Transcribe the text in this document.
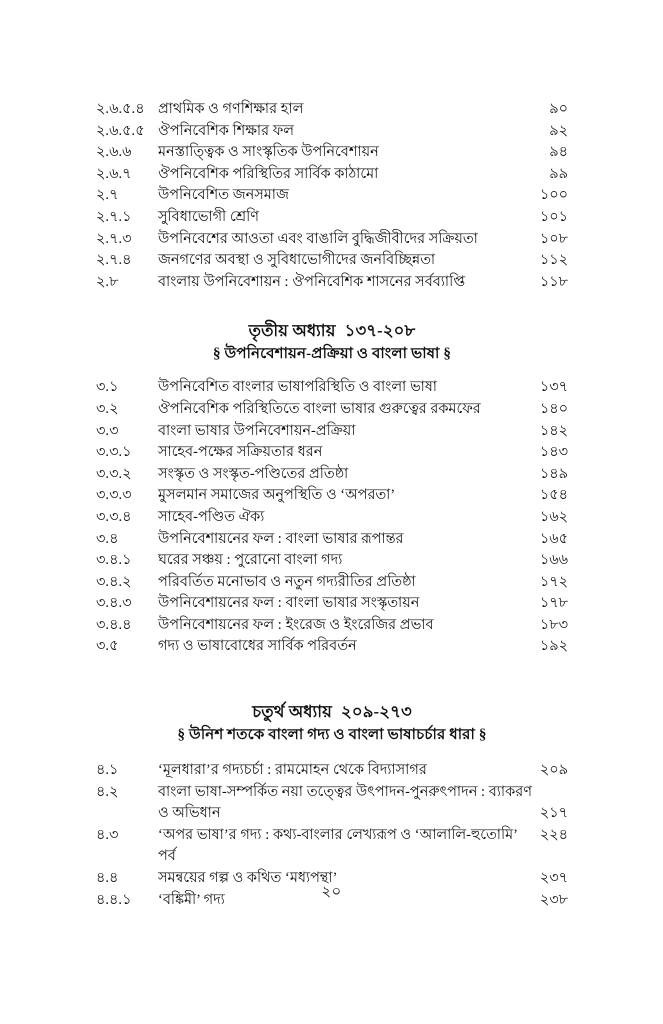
২.৬.৫.৪ প্রাথমিক ও গণশিক্ষার হাল	৯০
২.৬.৫.৫ ঔপনিবেশিক শিক্ষার ফল	৯২
২.৬.৬	মনস্তাত্ত্বিক ও সাংস্কৃতিক উপনিবেশায়ন	৯৪
২.৬.৭	ঔপনিবেশিক পরিস্থিতির সার্বিক কাঠামো	৯৯
২.৭	উপনিবেশিত জনসমাজ	১০০
২.৭.১	সুবিধাভোগী শ্রেণি	১০১
২.৭.৩	উপনিবেশের আওতা এবং বাঙালি বুদ্ধিজীবীদের সক্রিয়তা	১০৮
২.৭.৪	জনগণের অবস্থা ও সুবিধাভোগীদের জনবিচ্ছিন্নতা	১১২
২.৮	বাংলায় উপনিবেশায়ন : ঔপনিবেশিক শাসনের সর্বব্যাপ্তি	১১৮
তৃতীয় অধ্যায় ১৩৭-২০৮
§ উপনিবেশায়ন-প্রক্রিয়া ও বাংলা ভাষা §
৩.১	উপনিবেশিত বাংলার ভাষাপরিস্থিতি ও বাংলা ভাষা	১৩৭
৩.২	ঔপনিবেশিক পরিস্থিতিতে বাংলা ভাষার গুরুত্বের রকমফের	১৪০
৩.৩	বাংলা ভাষার উপনিবেশায়ন-প্রক্রিয়া	১৪২
৩.৩.১	সাহেব-পক্ষের সক্রিয়তার ধরন	১৪৩
৩.৩.২	সংস্কৃত ও সংস্কৃত-পণ্ডিতের প্রতিষ্ঠা	১৪৯
৩.৩.৩	মুসলমান সমাজের অনুপস্থিতি ও ‘অপরতা’	১৫৪
৩.৩.৪	সাহেব-পণ্ডিত ঐক্য	১৬২
৩.৪	উপনিবেশায়নের ফল : বাংলা ভাষার রূপান্তর	১৬৫
৩.৪.১	ঘরের সঞ্চয় : পুরোনো বাংলা গদ্য	১৬৬
৩.৪.২	পরিবর্তিত মনোভাব ও নতুন গদ্যরীতির প্রতিষ্ঠা	১৭২
৩.৪.৩	উপনিবেশায়নের ফল : বাংলা ভাষার সংস্কৃতায়ন	১৭৮
৩.৪.৪	উপনিবেশায়নের ফল : ইংরেজ ও ইংরেজির প্রভাব	১৮৩
৩.৫	গদ্য ও ভাষাবোধের সার্বিক পরিবর্তন	১৯২
চতুর্থ অধ্যায় ২০৯-২৭৩
§ উনিশ শতকে বাংলা গদ্য ও বাংলা ভাষাচর্চার ধারা §
৪.১	‘মূলধারা’র গদ্যচর্চা : রামমোহন থেকে বিদ্যাসাগর	২০৯
৪.২	বাংলা ভাষা-সম্পর্কিত নয়া তত্ত্বের উৎপাদন-পুনরুৎপাদন : ব্যাকরণ
ও অভিধান	২১৭
৪.৩	‘অপর ভাষা’র গদ্য : কথ্য-বাংলার লেখ্যরূপ ও ‘আলালি-হুতোমি’ পর্ব
২২৪
৪.৪	সমন্বয়ের গল্প ও কথিত ‘মধ্যপন্থা’	২৩৭
৪.৪.১	‘বঙ্কিমী’ গদ্য	২৩৮
২০
